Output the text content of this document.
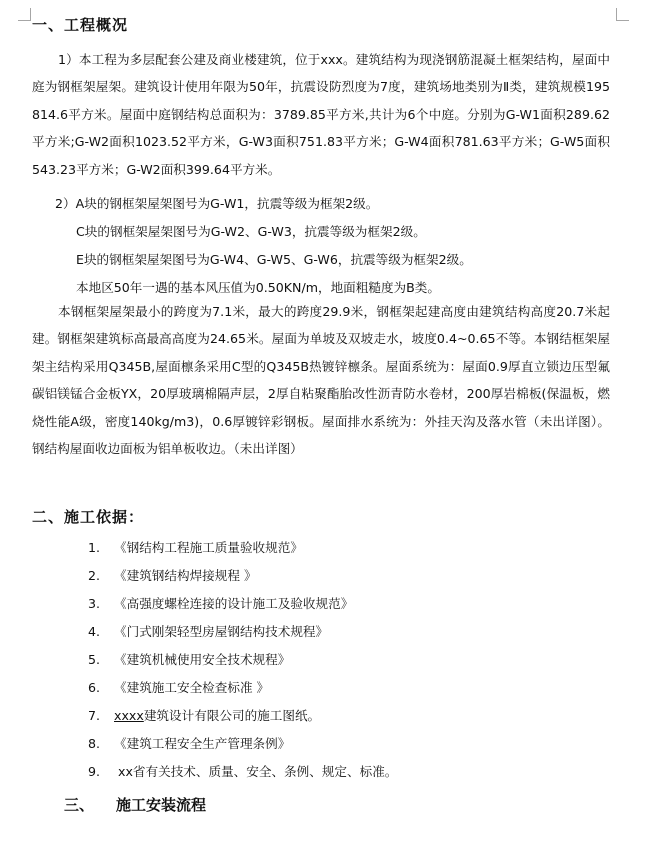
一、工程概况
1）本工程为多层配套公建及商业楼建筑，位于xxx。建筑结构为现浇钢筋混凝土框架结构，屋面中庭为钢框架屋架。建筑设计使用年限为50年，抗震设防烈度为7度，建筑场地类别为Ⅱ类，建筑规模195814.6平方米。屋面中庭钢结构总面积为：3789.85平方米,共计为6个中庭。分别为G-W1面积289.62平方米;G-W2面积1023.52平方米，G-W3面积751.83平方米；G-W4面积781.63平方米；G-W5面积543.23平方米；G-W2面积399.64平方米。
2）A块的钢框架屋架图号为G-W1，抗震等级为框架2级。
C块的钢框架屋架图号为G-W2、G-W3，抗震等级为框架2级。
E块的钢框架屋架图号为G-W4、G-W5、G-W6，抗震等级为框架2级。
本地区50年一遇的基本风压值为0.50KN/m，地面粗糙度为B类。
本钢框架屋架最小的跨度为7.1米，最大的跨度29.9米，钢框架起建高度由建筑结构高度20.7米起建。钢框架建筑标高最高高度为24.65米。屋面为单坡及双坡走水，坡度0.4~0.65不等。本钢结框架屋架主结构采用Q345B,屋面檩条采用C型的Q345B热镀锌檩条。屋面系统为：屋面0.9厚直立锁边压型氟碳铝镁锰合金板YX，20厚玻璃棉隔声层，2厚自粘聚酯胎改性沥青防水卷材，200厚岩棉板(保温板，燃烧性能A级，密度140kg/m3)，0.6厚镀锌彩钢板。屋面排水系统为：外挂天沟及落水管（未出详图）。钢结构屋面收边面板为铝单板收边。（未出详图）
二、施工依据：
1. 《钢结构工程施工质量验收规范》
2. 《建筑钢结构焊接规程 》
3. 《高强度螺栓连接的设计施工及验收规范》
4. 《门式刚架轻型房屋钢结构技术规程》
5. 《建筑机械使用安全技术规程》
6. 《建筑施工安全检查标准 》
7. xxxx建筑设计有限公司的施工图纸。
8. 《建筑工程安全生产管理条例》
9. xx省有关技术、质量、安全、条例、规定、标准。
三、 施工安装流程
